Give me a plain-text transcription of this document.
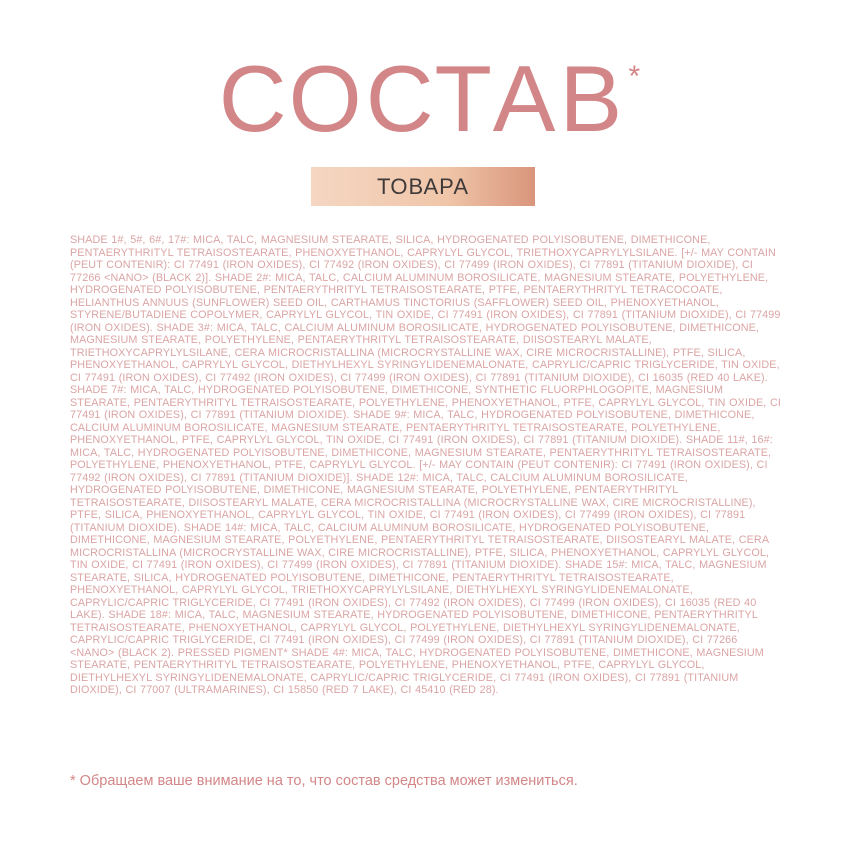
СОСТАВ *
ТОВАРА
SHADE 1#, 5#, 6#, 17#: MICA, TALC, MAGNESIUM STEARATE, SILICA, HYDROGENATED POLYISOBUTENE, DIMETHICONE, PENTAERYTHRITYL TETRAISOSTEARATE, PHENOXYETHANOL, CAPRYLYL GLYCOL, TRIETHOXYCAPRYLYLSILANE. [+/- MAY CONTAIN (PEUT CONTENIR): CI 77491 (IRON OXIDES), CI 77492 (IRON OXIDES), CI 77499 (IRON OXIDES), CI 77891 (TITANIUM DIOXIDE), CI 77266 <NANO> (BLACK 2)]. SHADE 2#: MICA, TALC, CALCIUM ALUMINUM BOROSILICATE, MAGNESIUM STEARATE, POLYETHYLENE, HYDROGENATED POLYISOBUTENE, PENTAERYTHRITYL TETRAISOSTEARATE, PTFE, PENTAERYTHRITYL TETRACOCOATE, HELIANTHUS ANNUUS (SUNFLOWER) SEED OIL, CARTHAMUS TINCTORIUS (SAFFLOWER) SEED OIL, PHENOXYETHANOL, STYRENE/BUTADIENE COPOLYMER, CAPRYLYL GLYCOL, TIN OXIDE, CI 77491 (IRON OXIDES), CI 77891 (TITANIUM DIOXIDE), CI 77499 (IRON OXIDES). SHADE 3#: MICA, TALC, CALCIUM ALUMINUM BOROSILICATE, HYDROGENATED POLYISOBUTENE, DIMETHICONE, MAGNESIUM STEARATE, POLYETHYLENE, PENTAERYTHRITYL TETRAISOSTEARATE, DIISOSTEARYL MALATE, TRIETHOXYCAPRYLYLSILANE, CERA MICROCRISTALLINA (MICROCRYSTALLINE WAX, CIRE MICROCRISTALLINE), PTFE, SILICA, PHENOXYETHANOL, CAPRYLYL GLYCOL, DIETHYLHEXYL SYRINGYLIDENEMALONATE, CAPRYLIC/CAPRIC TRIGLYCERIDE, TIN OXIDE, CI 77491 (IRON OXIDES), CI 77492 (IRON OXIDES), CI 77499 (IRON OXIDES), CI 77891 (TITANIUM DIOXIDE), CI 16035 (RED 40 LAKE). SHADE 7#: MICA, TALC, HYDROGENATED POLYISOBUTENE, DIMETHICONE, SYNTHETIC FLUORPHLOGOPITE, MAGNESIUM STEARATE, PENTAERYTHRITYL TETRAISOSTEARATE, POLYETHYLENE, PHENOXYETHANOL, PTFE, CAPRYLYL GLYCOL, TIN OXIDE, CI 77491 (IRON OXIDES), CI 77891 (TITANIUM DIOXIDE). SHADE 9#: MICA, TALC, HYDROGENATED POLYISOBUTENE, DIMETHICONE, CALCIUM ALUMINUM BOROSILICATE, MAGNESIUM STEARATE, PENTAERYTHRITYL TETRAISOSTEARATE, POLYETHYLENE, PHENOXYETHANOL, PTFE, CAPRYLYL GLYCOL, TIN OXIDE, CI 77491 (IRON OXIDES), CI 77891 (TITANIUM DIOXIDE). SHADE 11#, 16#: MICA, TALC, HYDROGENATED POLYISOBUTENE, DIMETHICONE, MAGNESIUM STEARATE, PENTAERYTHRITYL TETRAISOSTEARATE, POLYETHYLENE, PHENOXYETHANOL, PTFE, CAPRYLYL GLYCOL. [+/- MAY CONTAIN (PEUT CONTENIR): CI 77491 (IRON OXIDES), CI 77492 (IRON OXIDES), CI 77891 (TITANIUM DIOXIDE)]. SHADE 12#: MICA, TALC, CALCIUM ALUMINUM BOROSILICATE, HYDROGENATED POLYISOBUTENE, DIMETHICONE, MAGNESIUM STEARATE, POLYETHYLENE, PENTAERYTHRITYL TETRAISOSTEARATE, DIISOSTEARYL MALATE, CERA MICROCRISTALLINA (MICROCRYSTALLINE WAX, CIRE MICROCRISTALLINE), PTFE, SILICA, PHENOXYETHANOL, CAPRYLYL GLYCOL, TIN OXIDE, CI 77491 (IRON OXIDES), CI 77499 (IRON OXIDES), CI 77891 (TITANIUM DIOXIDE). SHADE 14#: MICA, TALC, CALCIUM ALUMINUM BOROSILICATE, HYDROGENATED POLYISOBUTENE, DIMETHICONE, MAGNESIUM STEARATE, POLYETHYLENE, PENTAERYTHRITYL TETRAISOSTEARATE, DIISOSTEARYL MALATE, CERA MICROCRISTALLINA (MICROCRYSTALLINE WAX, CIRE MICROCRISTALLINE), PTFE, SILICA, PHENOXYETHANOL, CAPRYLYL GLYCOL, TIN OXIDE, CI 77491 (IRON OXIDES), CI 77499 (IRON OXIDES), CI 77891 (TITANIUM DIOXIDE). SHADE 15#: MICA, TALC, MAGNESIUM STEARATE, SILICA, HYDROGENATED POLYISOBUTENE, DIMETHICONE, PENTAERYTHRITYL TETRAISOSTEARATE, PHENOXYETHANOL, CAPRYLYL GLYCOL, TRIETHOXYCAPRYLYLSILANE, DIETHYLHEXYL SYRINGYLIDENEMALONATE, CAPRYLIC/CAPRIC TRIGLYCERIDE, CI 77491 (IRON OXIDES), CI 77492 (IRON OXIDES), CI 77499 (IRON OXIDES), CI 16035 (RED 40 LAKE). SHADE 18#: MICA, TALC, MAGNESIUM STEARATE, HYDROGENATED POLYISOBUTENE, DIMETHICONE, PENTAERYTHRITYL TETRAISOSTEARATE, PHENOXYETHANOL, CAPRYLYL GLYCOL, POLYETHYLENE, DIETHYLHEXYL SYRINGYLIDENEMALONATE, CAPRYLIC/CAPRIC TRIGLYCERIDE, CI 77491 (IRON OXIDES), CI 77499 (IRON OXIDES), CI 77891 (TITANIUM DIOXIDE), CI 77266 <NANO> (BLACK 2). PRESSED PIGMENT* SHADE 4#: MICA, TALC, HYDROGENATED POLYISOBUTENE, DIMETHICONE, MAGNESIUM STEARATE, PENTAERYTHRITYL TETRAISOSTEARATE, POLYETHYLENE, PHENOXYETHANOL, PTFE, CAPRYLYL GLYCOL, DIETHYLHEXYL SYRINGYLIDENEMALONATE, CAPRYLIC/CAPRIC TRIGLYCERIDE, CI 77491 (IRON OXIDES), CI 77891 (TITANIUM DIOXIDE), CI 77007 (ULTRAMARINES), CI 15850 (RED 7 LAKE), CI 45410 (RED 28).
* Обращаем ваше внимание на то, что состав средства может измениться.
